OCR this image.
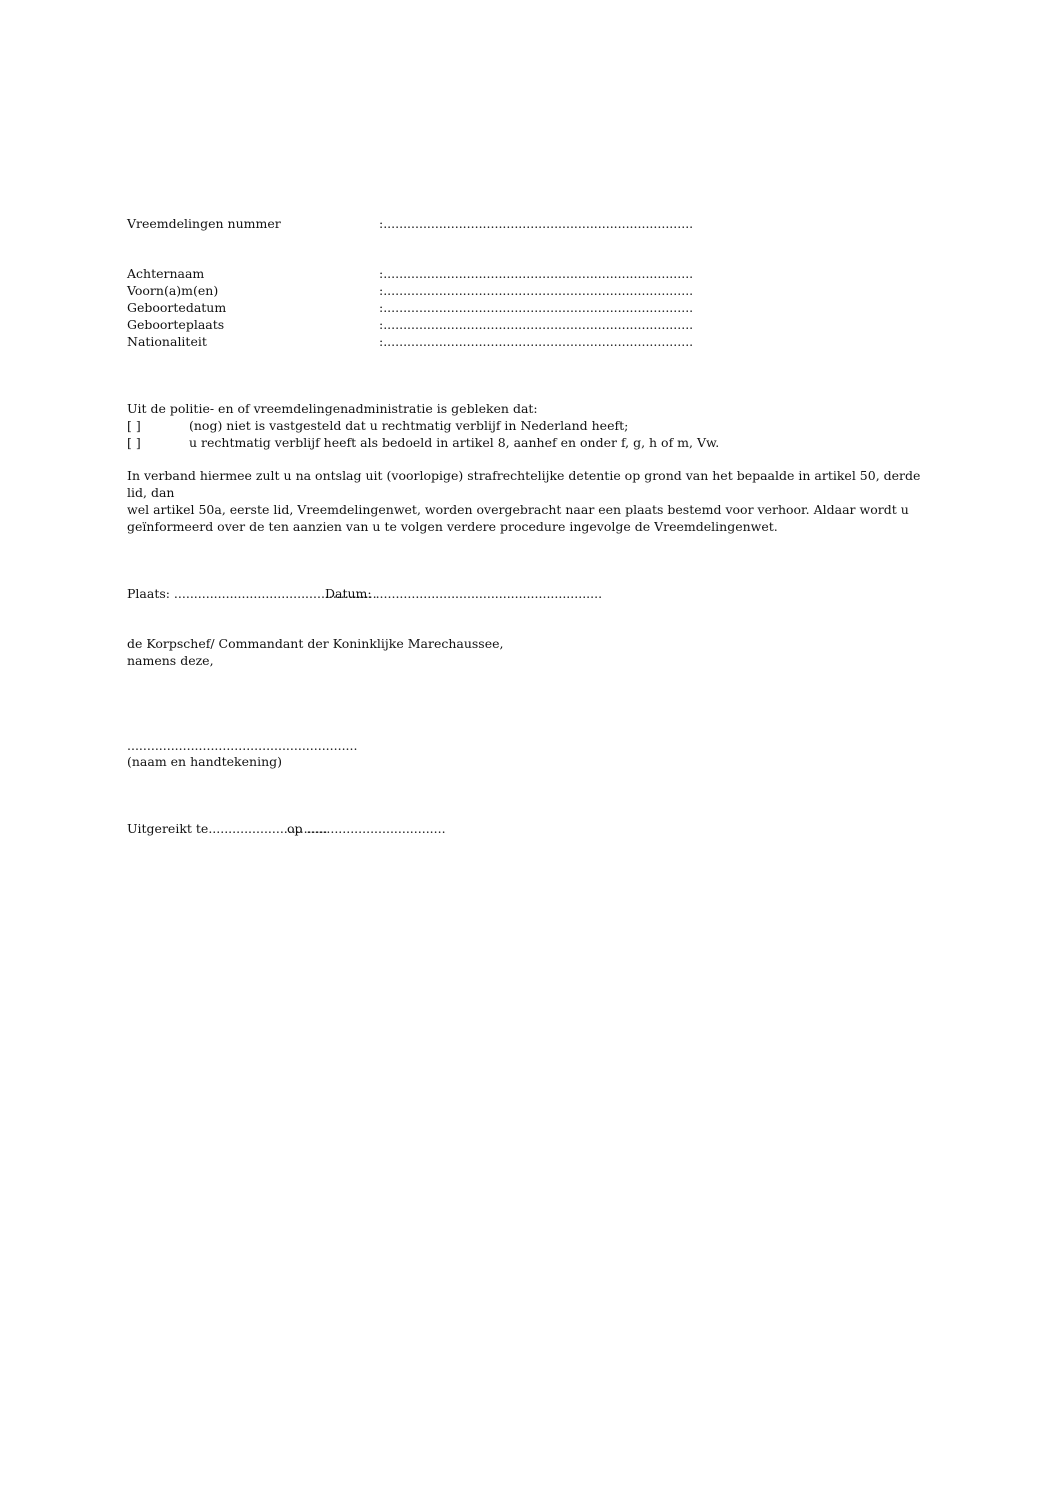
Vreemdelingen nummer	:..............................................................................
Achternaam	:..............................................................................
Voorn(a)m(en)	:..............................................................................
Geboortedatum	:..............................................................................
Geboorteplaats	:..............................................................................
Nationaliteit	:..............................................................................
Uit de politie- en of vreemdelingenadministratie is gebleken dat:
[ ]	(nog) niet is vastgesteld dat u rechtmatig verblijf in Nederland heeft;
[ ]	u rechtmatig verblijf heeft als bedoeld in artikel 8, aanhef en onder f, g, h of m, Vw.
In verband hiermee zult u na ontslag uit (voorlopige) strafrechtelijke detentie op grond van het bepaalde in artikel 50, derde lid, dan
wel artikel 50a, eerste lid, Vreemdelingenwet, worden overgebracht naar een plaats bestemd voor verhoor. Aldaar wordt u
geïnformeerd over de ten aanzien van u te volgen verdere procedure ingevolge de Vreemdelingenwet.
Plaats: ...................................................
Datum: .........................................................
de Korpschef/ Commandant der Koninklijke Marechaussee,
namens deze,
..........................................................
(naam en handtekening)
Uitgereikt te..............................
op ...................................
